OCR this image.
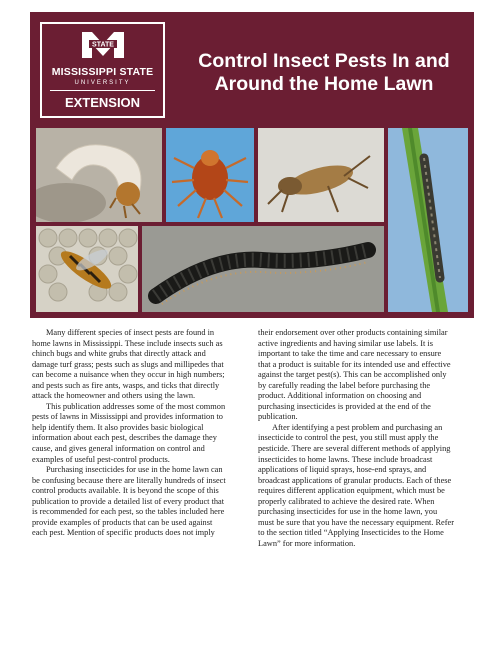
STATE
MISSISSIPPI STATE
UNIVERSITY
EXTENSION
Control Insect Pests In and Around the Home Lawn

Many different species of insect pests are found in home lawns in Mississippi. These include insects such as chinch bugs and white grubs that directly attack and damage turf grass; pests such as slugs and millipedes that can become a nuisance when they occur in high numbers; and pests such as fire ants, wasps, and ticks that directly attack the homeowner and others using the lawn.

This publication addresses some of the most common pests of lawns in Mississippi and provides information to help identify them. It also provides basic biological information about each pest, describes the damage they cause, and gives general information on control and examples of useful pest-control products.

Purchasing insecticides for use in the home lawn can be confusing because there are literally hundreds of insect control products available. It is beyond the scope of this publication to provide a detailed list of every product that is recommended for each pest, so the tables included here provide examples of products that can be used against each pest. Mention of specific products does not imply

their endorsement over other products containing similar active ingredients and having similar use labels. It is important to take the time and care necessary to ensure that a product is suitable for its intended use and effective against the target pest(s). This can be accomplished only by carefully reading the label before purchasing the product. Additional information on choosing and purchasing insecticides is provided at the end of the publication.

After identifying a pest problem and purchasing an insecticide to control the pest, you still must apply the pesticide. There are several different methods of applying insecticides to home lawns. These include broadcast applications of liquid sprays, hose-end sprays, and broadcast applications of granular products. Each of these requires different application equipment, which must be properly calibrated to achieve the desired rate. When purchasing insecticides for use in the home lawn, you must be sure that you have the necessary equipment. Refer to the section titled “Applying Insecticides to the Home Lawn” for more information.
